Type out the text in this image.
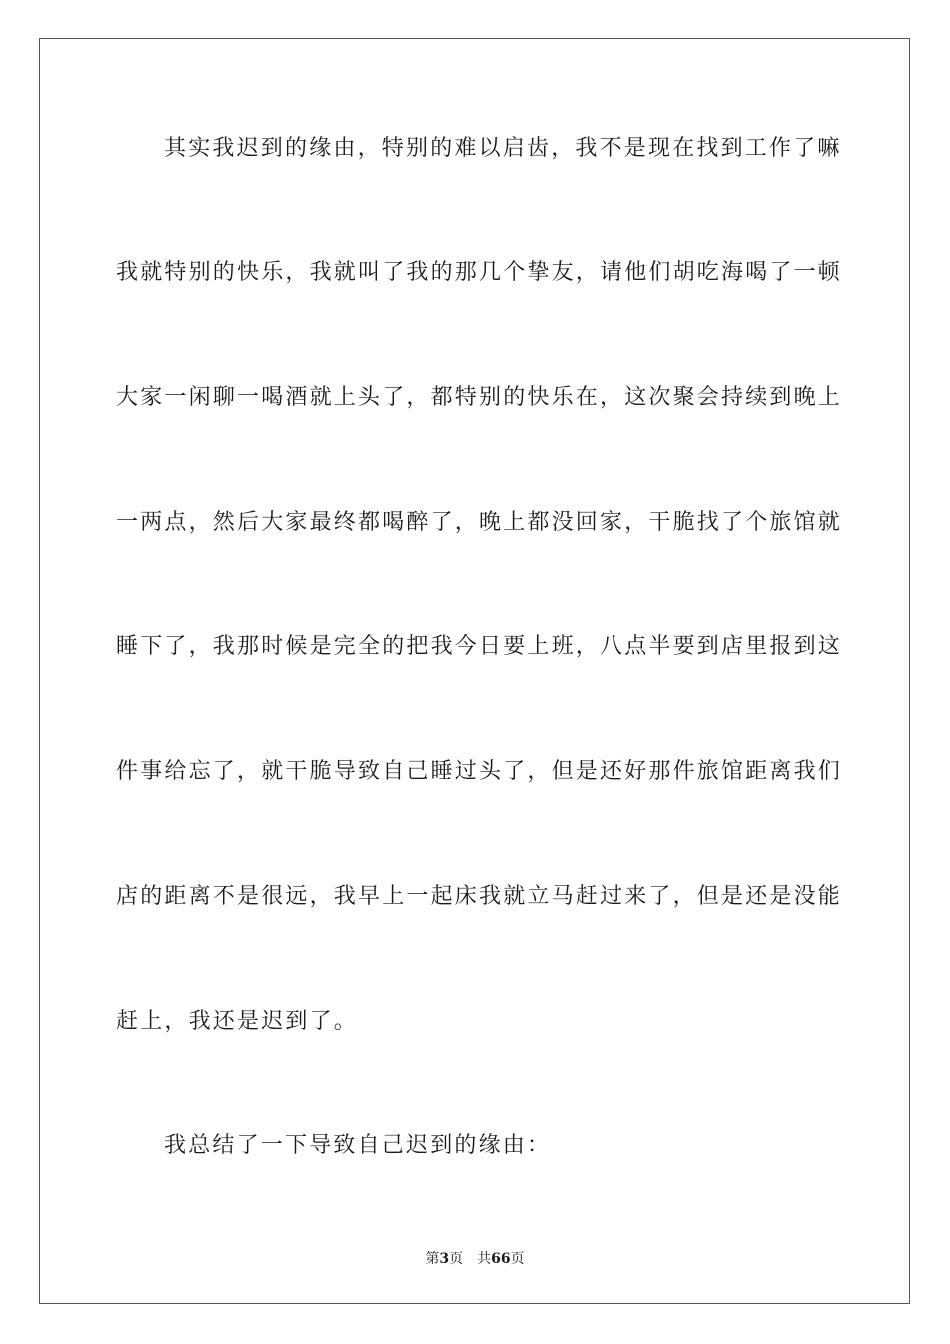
其实我迟到的缘由，特别的难以启齿，我不是现在找到工作了嘛
我就特别的快乐，我就叫了我的那几个挚友，请他们胡吃海喝了一顿
大家一闲聊一喝酒就上头了，都特别的快乐在，这次聚会持续到晚上
一两点，然后大家最终都喝醉了，晚上都没回家，干脆找了个旅馆就
睡下了，我那时候是完全的把我今日要上班，八点半要到店里报到这
件事给忘了，就干脆导致自己睡过头了，但是还好那件旅馆距离我们
店的距离不是很远，我早上一起床我就立马赶过来了，但是还是没能
赶上，我还是迟到了。
我总结了一下导致自己迟到的缘由：
第3页 共66页
